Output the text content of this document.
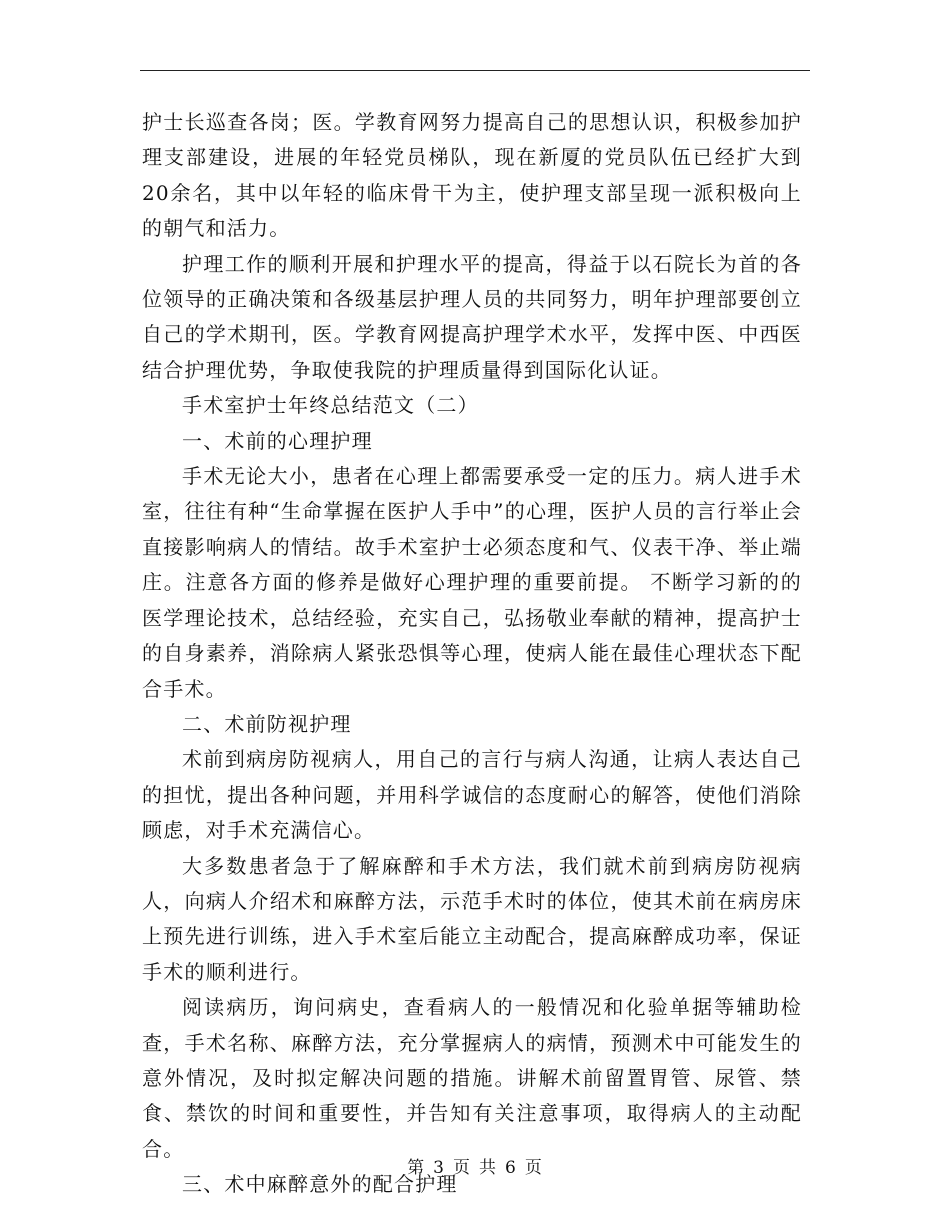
护士长巡查各岗；医。学教育网努力提高自己的思想认识，积极参加护理支部建设，进展的年轻党员梯队，现在新厦的党员队伍已经扩大到20余名，其中以年轻的临床骨干为主，使护理支部呈现一派积极向上的朝气和活力。

护理工作的顺利开展和护理水平的提高，得益于以石院长为首的各位领导的正确决策和各级基层护理人员的共同努力，明年护理部要创立自己的学术期刊，医。学教育网提高护理学术水平，发挥中医、中西医结合护理优势，争取使我院的护理质量得到国际化认证。

手术室护士年终总结范文（二）

一、术前的心理护理

手术无论大小，患者在心理上都需要承受一定的压力。病人进手术室，往往有种“生命掌握在医护人手中”的心理，医护人员的言行举止会直接影响病人的情结。故手术室护士必须态度和气、仪表干净、举止端庄。注意各方面的修养是做好心理护理的重要前提。 不断学习新的的医学理论技术，总结经验，充实自己，弘扬敬业奉献的精神，提高护士的自身素养，消除病人紧张恐惧等心理，使病人能在最佳心理状态下配合手术。

二、术前防视护理

术前到病房防视病人，用自己的言行与病人沟通，让病人表达自己的担忧，提出各种问题，并用科学诚信的态度耐心的解答，使他们消除顾虑，对手术充满信心。

大多数患者急于了解麻醉和手术方法，我们就术前到病房防视病人，向病人介绍术和麻醉方法，示范手术时的体位，使其术前在病房床上预先进行训练，进入手术室后能立主动配合，提高麻醉成功率，保证手术的顺利进行。

阅读病历，询问病史，查看病人的一般情况和化验单据等辅助检查，手术名称、麻醉方法，充分掌握病人的病情，预测术中可能发生的意外情况，及时拟定解决问题的措施。讲解术前留置胃管、尿管、禁食、禁饮的时间和重要性，并告知有关注意事项，取得病人的主动配合。

三、术中麻醉意外的配合护理

第 3 页 共 6 页
